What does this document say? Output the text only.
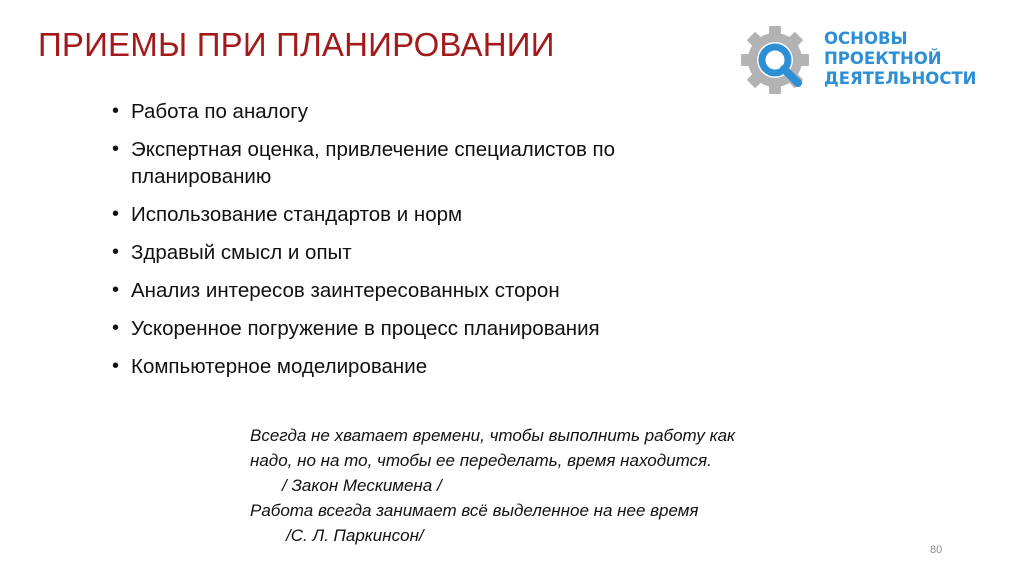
ПРИЕМЫ ПРИ ПЛАНИРОВАНИИ	ОСНОВЫ
ПРОЕКТНОЙ
ДЕЯТЕЛЬНОСТИ
• Работа по аналогу
• Экспертная оценка, привлечение специалистов по планированию
• Использование стандартов и норм
• Здравый смысл и опыт
• Анализ интересов заинтересованных сторон
• Ускоренное погружение в процесс планирования
• Компьютерное моделирование
Всегда не хватает времени, чтобы выполнить работу как
надо, но на то, чтобы ее переделать, время находится.
/ Закон Мескимена /
Работа всегда занимает всё выделенное на нее время
/С. Л. Паркинсон/
80
